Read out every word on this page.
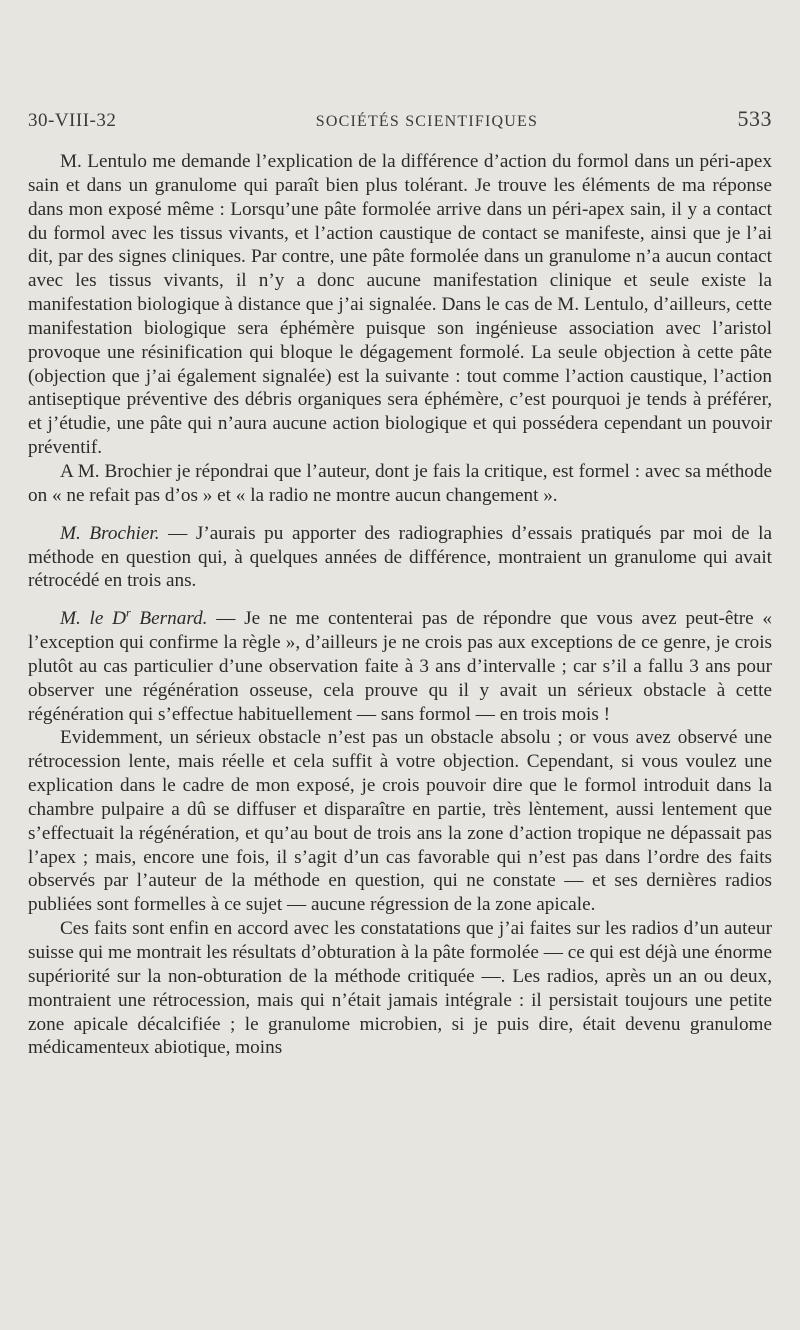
30-VIII-32	SOCIÉTÉS SCIENTIFIQUES	533

M. Lentulo me demande l’explication de la différence d’action du formol dans un péri-apex sain et dans un granulome qui paraît bien plus tolérant. Je trouve les éléments de ma réponse dans mon exposé même : Lorsqu’une pâte formolée arrive dans un péri-apex sain, il y a contact du formol avec les tissus vivants, et l’action caustique de contact se manifeste, ainsi que je l’ai dit, par des signes cliniques. Par contre, une pâte formolée dans un granulome n’a aucun contact avec les tissus vivants, il n’y a donc aucune manifestation clinique et seule existe la manifestation biologique à distance que j’ai signalée. Dans le cas de M. Lentulo, d’ailleurs, cette manifestation biologique sera éphémère puisque son ingénieuse association avec l’aristol provoque une résinification qui bloque le dégagement formolé. La seule objection à cette pâte (objection que j’ai également signalée) est la suivante : tout comme l’action caustique, l’action antiseptique préventive des débris organiques sera éphémère, c’est pourquoi je tends à préférer, et j’étudie, une pâte qui n’aura aucune action biologique et qui possédera cependant un pouvoir préventif.

A M. Brochier je répondrai que l’auteur, dont je fais la critique, est formel : avec sa méthode on « ne refait pas d’os » et « la radio ne montre aucun changement ».

M. Brochier. — J’aurais pu apporter des radiographies d’essais pratiqués par moi de la méthode en question qui, à quelques années de différence, montraient un granulome qui avait rétrocédé en trois ans.

M. le $D^r$ Bernard. — Je ne me contenterai pas de répondre que vous avez peut-être « l’exception qui confirme la règle », d’ailleurs je ne crois pas aux exceptions de ce genre, je crois plutôt au cas particulier d’une observation faite à 3 ans d’intervalle ; car s’il a fallu 3 ans pour observer une régénération osseuse, cela prouve qu il y avait un sérieux obstacle à cette régénération qui s’effectue habituellement — sans formol — en trois mois !

Evidemment, un sérieux obstacle n’est pas un obstacle absolu ; or vous avez observé une rétrocession lente, mais réelle et cela suffit à votre objection. Cependant, si vous voulez une explication dans le cadre de mon exposé, je crois pouvoir dire que le formol introduit dans la chambre pulpaire a dû se diffuser et disparaître en partie, très lèntement, aussi lentement que s’effectuait la régénération, et qu’au bout de trois ans la zone d’action tropique ne dépassait pas l’apex ; mais, encore une fois, il s’agit d’un cas favorable qui n’est pas dans l’ordre des faits observés par l’auteur de la méthode en question, qui ne constate — et ses dernières radios publiées sont formelles à ce sujet — aucune régression de la zone apicale.

Ces faits sont enfin en accord avec les constatations que j’ai faites sur les radios d’un auteur suisse qui me montrait les résultats d’obturation à la pâte formolée — ce qui est déjà une énorme supériorité sur la non-obturation de la méthode critiquée —. Les radios, après un an ou deux, montraient une rétrocession, mais qui n’était jamais intégrale : il persistait toujours une petite zone apicale décalcifiée ; le granulome microbien, si je puis dire, était devenu granulome médicamenteux abiotique, moins
